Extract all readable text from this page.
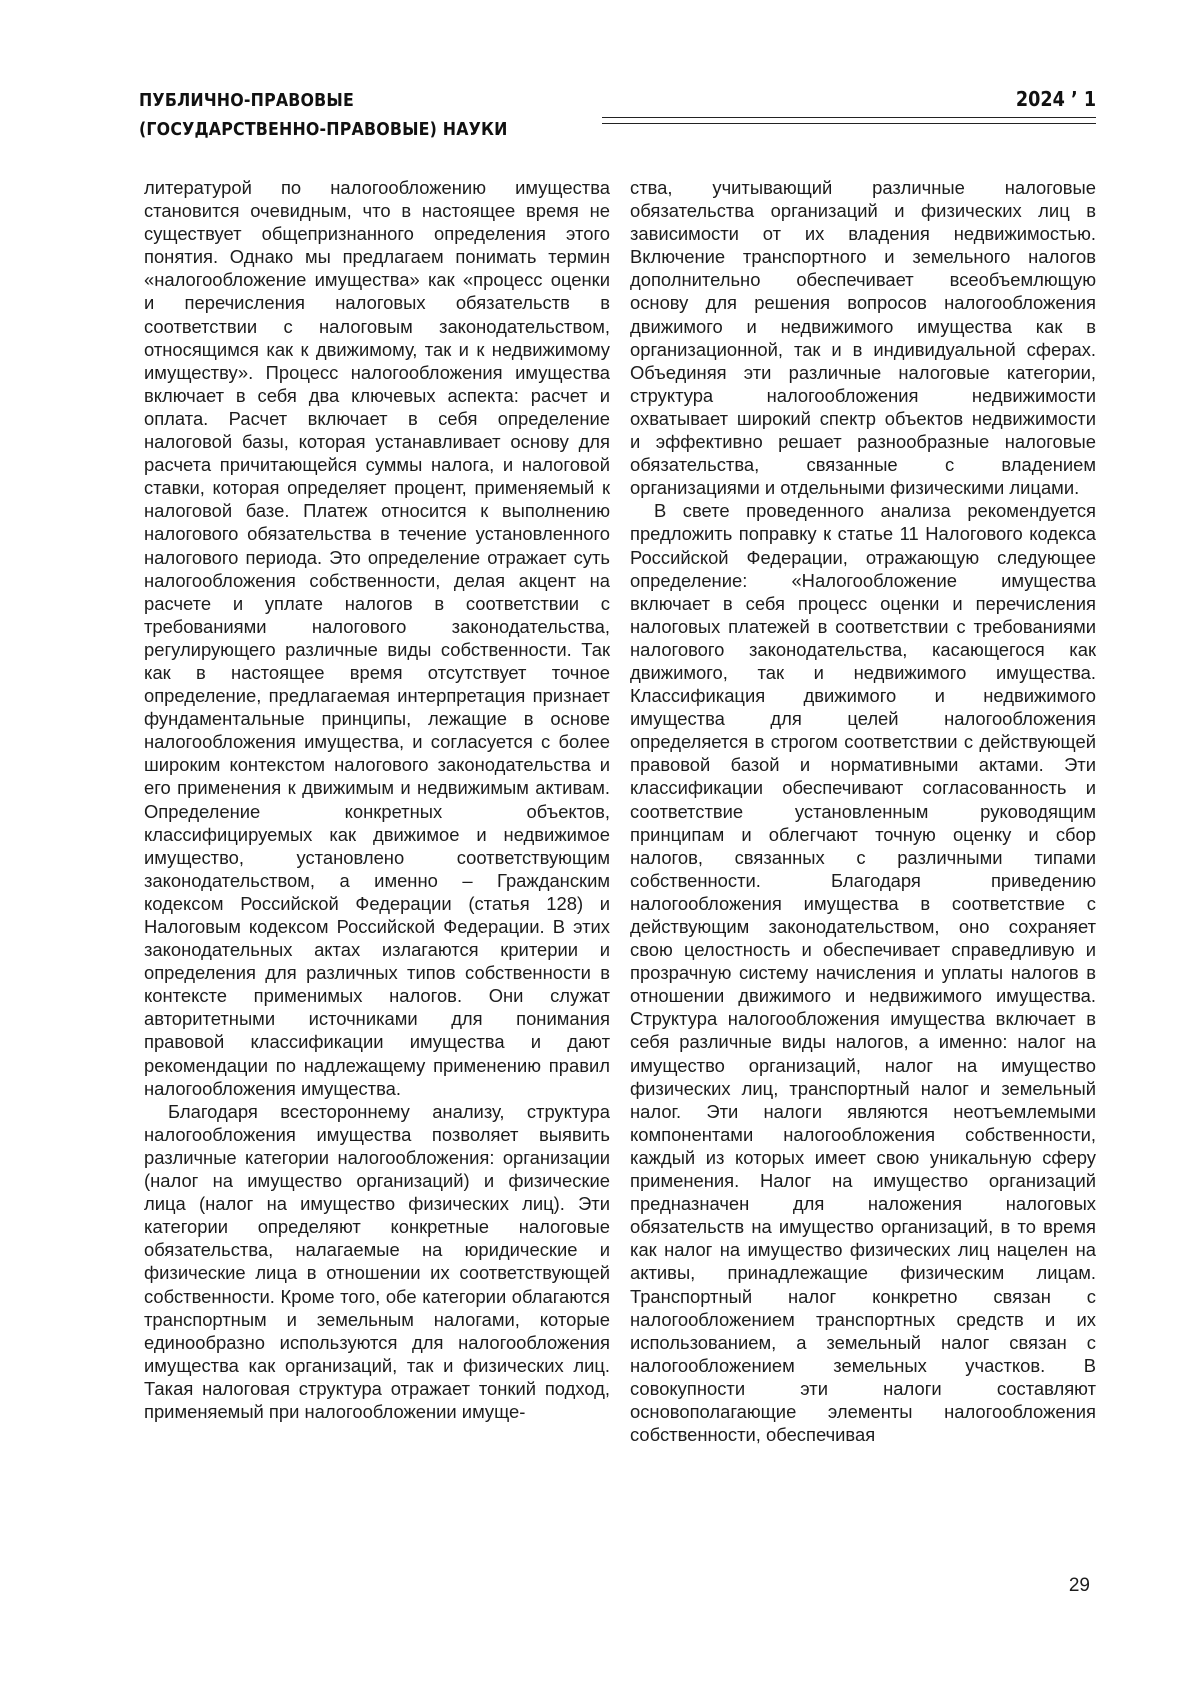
ПУБЛИЧНО-ПРАВОВЫЕ
(ГОСУДАРСТВЕННО-ПРАВОВЫЕ) НАУКИ
2024 ’ 1

литературой по налогообложению имущества становится очевидным, что в настоящее время не существует общепризнанного определения этого понятия. Однако мы предлагаем понимать термин «налогообложение имущества» как «процесс оценки и перечисления налоговых обязательств в соответствии с налоговым законодательством, относящимся как к движимому, так и к недвижимому имуществу». Процесс налогообложения имущества включает в себя два ключевых аспекта: расчет и оплата. Расчет включает в себя определение налоговой базы, которая устанавливает основу для расчета причитающейся суммы налога, и налоговой ставки, которая определяет процент, применяемый к налоговой базе. Платеж относится к выполнению налогового обязательства в течение установленного налогового периода. Это определение отражает суть налогообложения собственности, делая акцент на расчете и уплате налогов в соответствии с требованиями налогового законодательства, регулирующего различные виды собственности. Так как в настоящее время отсутствует точное определение, предлагаемая интерпретация признает фундаментальные принципы, лежащие в основе налогообложения имущества, и согласуется с более широким контекстом налогового законодательства и его применения к движимым и недвижимым активам. Определение конкретных объектов, классифицируемых как движимое и недвижимое имущество, установлено соответствующим законодательством, а именно – Гражданским кодексом Российской Федерации (статья 128) и Налоговым кодексом Российской Федерации. В этих законодательных актах излагаются критерии и определения для различных типов собственности в контексте применимых налогов. Они служат авторитетными источниками для понимания правовой классификации имущества и дают рекомендации по надлежащему применению правил налогообложения имущества.

Благодаря всестороннему анализу, структура налогообложения имущества позволяет выявить различные категории налогообложения: организации (налог на имущество организаций) и физические лица (налог на имущество физических лиц). Эти категории определяют конкретные налоговые обязательства, налагаемые на юридические и физические лица в отношении их соответствующей собственности. Кроме того, обе категории облагаются транспортным и земельным налогами, которые единообразно используются для налогообложения имущества как организаций, так и физических лиц. Такая налоговая структура отражает тонкий подход, применяемый при налогообложении имуще-

ства, учитывающий различные налоговые обязательства организаций и физических лиц в зависимости от их владения недвижимостью. Включение транспортного и земельного налогов дополнительно обеспечивает всеобъемлющую основу для решения вопросов налогообложения движимого и недвижимого имущества как в организационной, так и в индивидуальной сферах. Объединяя эти различные налоговые категории, структура налогообложения недвижимости охватывает широкий спектр объектов недвижимости и эффективно решает разнообразные налоговые обязательства, связанные с владением организациями и отдельными физическими лицами.

В свете проведенного анализа рекомендуется предложить поправку к статье 11 Налогового кодекса Российской Федерации, отражающую следующее определение: «Налогообложение имущества включает в себя процесс оценки и перечисления налоговых платежей в соответствии с требованиями налогового законодательства, касающегося как движимого, так и недвижимого имущества. Классификация движимого и недвижимого имущества для целей налогообложения определяется в строгом соответствии с действующей правовой базой и нормативными актами. Эти классификации обеспечивают согласованность и соответствие установленным руководящим принципам и облегчают точную оценку и сбор налогов, связанных с различными типами собственности. Благодаря приведению налогообложения имущества в соответствие с действующим законодательством, оно сохраняет свою целостность и обеспечивает справедливую и прозрачную систему начисления и уплаты налогов в отношении движимого и недвижимого имущества. Структура налогообложения имущества включает в себя различные виды налогов, а именно: налог на имущество организаций, налог на имущество физических лиц, транспортный налог и земельный налог. Эти налоги являются неотъемлемыми компонентами налогообложения собственности, каждый из которых имеет свою уникальную сферу применения. Налог на имущество организаций предназначен для наложения налоговых обязательств на имущество организаций, в то время как налог на имущество физических лиц нацелен на активы, принадлежащие физическим лицам. Транспортный налог конкретно связан с налогообложением транспортных средств и их использованием, а земельный налог связан с налогообложением земельных участков. В совокупности эти налоги составляют основополагающие элементы налогообложения собственности, обеспечивая

29
